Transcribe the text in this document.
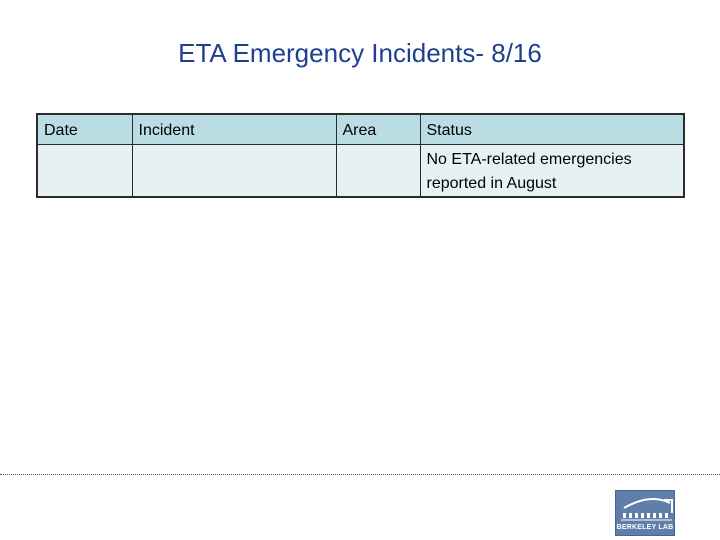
ETA Emergency Incidents- 8/16
Date	Incident	Area	Status
			No ETA-related emergencies reported in August
BERKELEY LAB
